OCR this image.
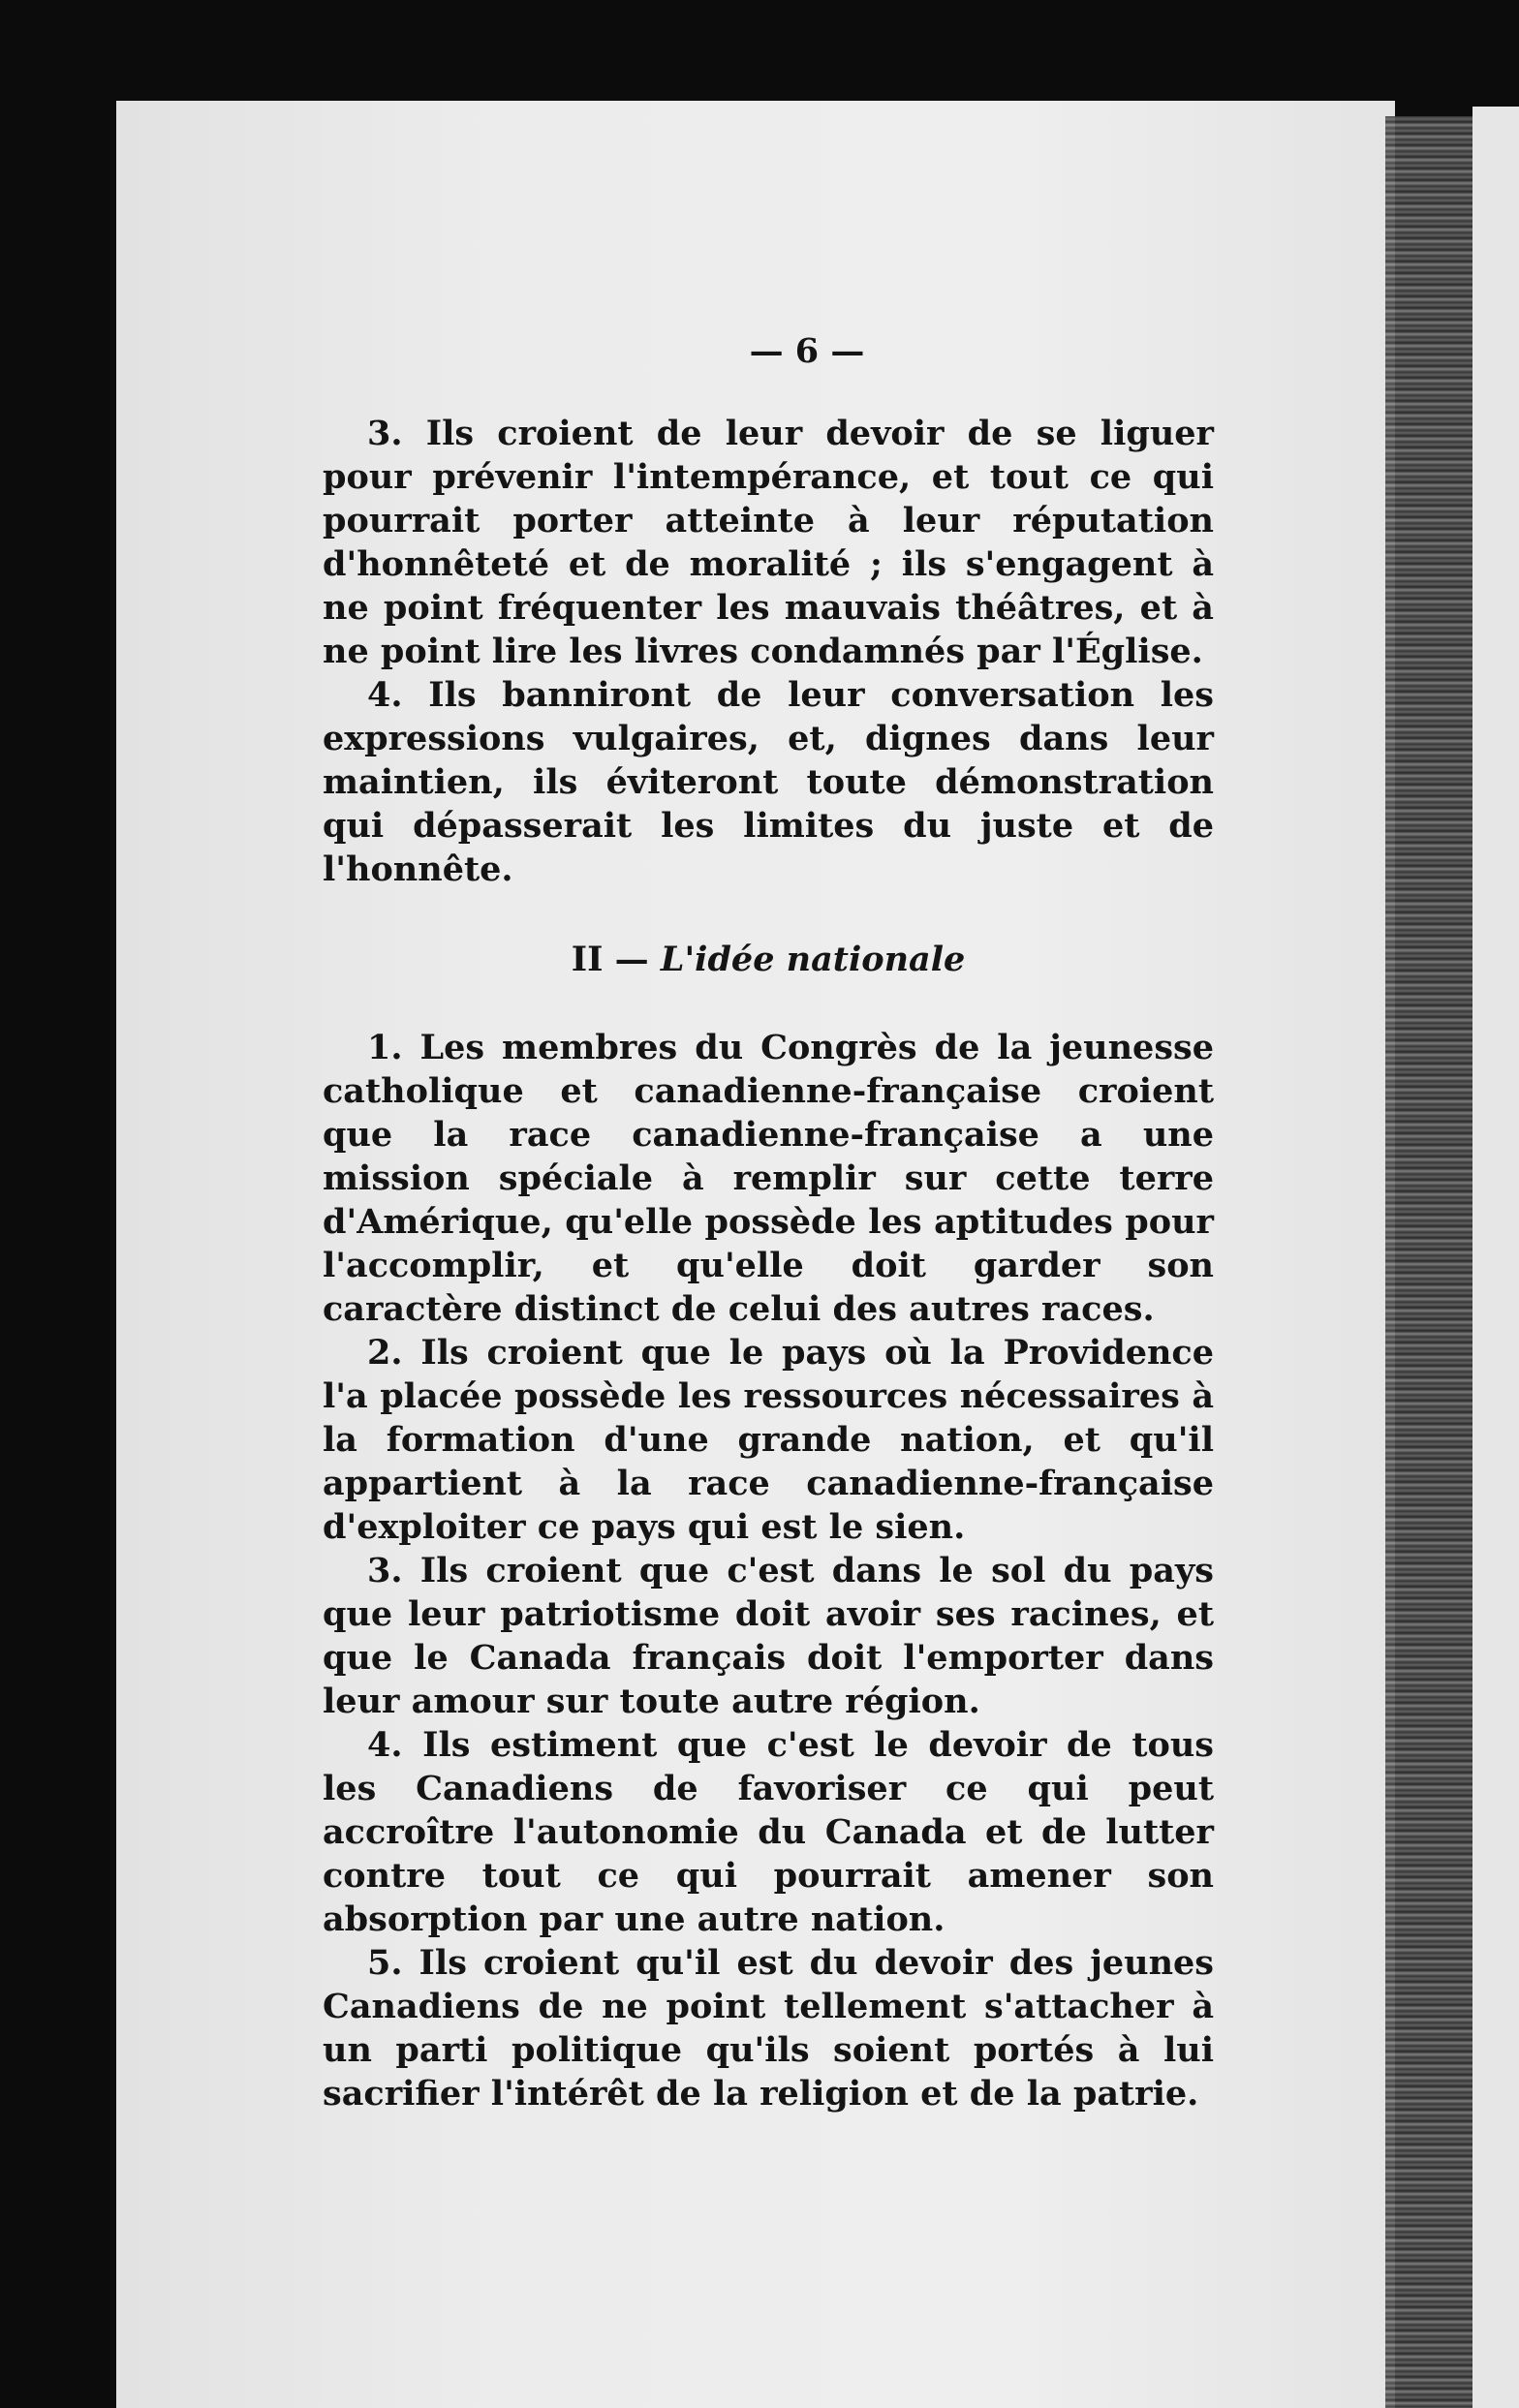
— 6 —

3. Ils croient de leur devoir de se liguer pour prévenir l'intempérance, et tout ce qui pourrait porter atteinte à leur réputation d'honnêteté et de moralité ; ils s'engagent à ne point fréquenter les mauvais théâtres, et à ne point lire les livres condamnés par l'Église.

4. Ils banniront de leur conversation les expressions vulgaires, et, dignes dans leur maintien, ils éviteront toute démonstration qui dépasserait les limites du juste et de l'honnête.

II — L'idée nationale

1. Les membres du Congrès de la jeunesse catholique et canadienne-française croient que la race canadienne-française a une mission spéciale à remplir sur cette terre d'Amérique, qu'elle possède les aptitudes pour l'accomplir, et qu'elle doit garder son caractère distinct de celui des autres races.

2. Ils croient que le pays où la Providence l'a placée possède les ressources nécessaires à la formation d'une grande nation, et qu'il appartient à la race canadienne-française d'exploiter ce pays qui est le sien.

3. Ils croient que c'est dans le sol du pays que leur patriotisme doit avoir ses racines, et que le Canada français doit l'emporter dans leur amour sur toute autre région.

4. Ils estiment que c'est le devoir de tous les Canadiens de favoriser ce qui peut accroître l'autonomie du Canada et de lutter contre tout ce qui pourrait amener son absorption par une autre nation.

5. Ils croient qu'il est du devoir des jeunes Canadiens de ne point tellement s'attacher à un parti politique qu'ils soient portés à lui sacrifier l'intérêt de la religion et de la patrie.
